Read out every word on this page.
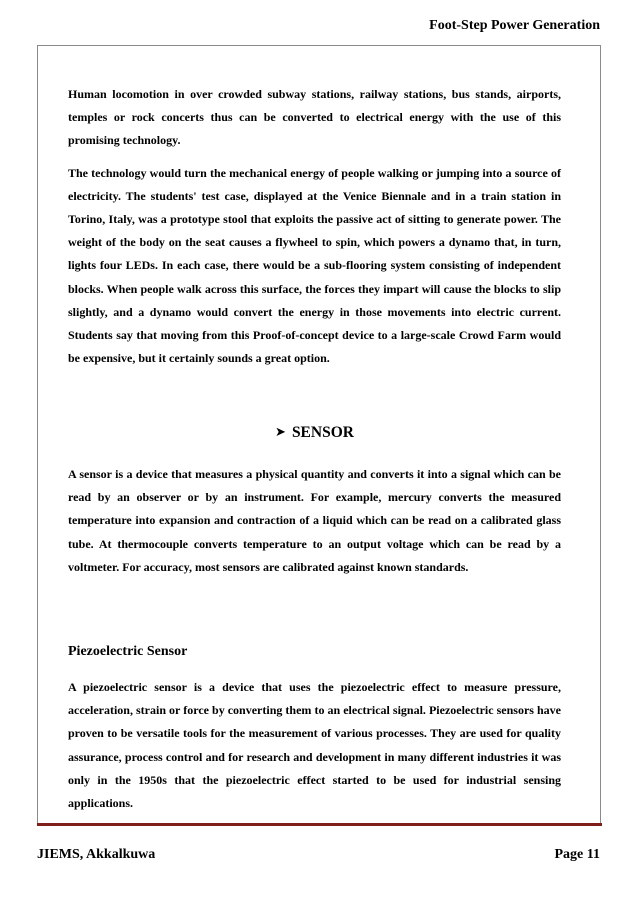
Foot-Step Power Generation

Human locomotion in over crowded subway stations, railway stations, bus stands, airports, temples or rock concerts thus can be converted to electrical energy with the use of this promising technology.

The technology would turn the mechanical energy of people walking or jumping into a source of electricity. The students' test case, displayed at the Venice Biennale and in a train station in Torino, Italy, was a prototype stool that exploits the passive act of sitting to generate power. The weight of the body on the seat causes a flywheel to spin, which powers a dynamo that, in turn, lights four LEDs. In each case, there would be a sub-flooring system consisting of independent blocks. When people walk across this surface, the forces they impart will cause the blocks to slip slightly, and a dynamo would convert the energy in those movements into electric current. Students say that moving from this Proof-of-concept device to a large-scale Crowd Farm would be expensive, but it certainly sounds a great option.

➤ SENSOR

A sensor is a device that measures a physical quantity and converts it into a signal which can be read by an observer or by an instrument. For example, mercury converts the measured temperature into expansion and contraction of a liquid which can be read on a calibrated glass tube. At thermocouple converts temperature to an output voltage which can be read by a voltmeter. For accuracy, most sensors are calibrated against known standards.

Piezoelectric Sensor

A piezoelectric sensor is a device that uses the piezoelectric effect to measure pressure, acceleration, strain or force by converting them to an electrical signal. Piezoelectric sensors have proven to be versatile tools for the measurement of various processes. They are used for quality assurance, process control and for research and development in many different industries it was only in the 1950s that the piezoelectric effect started to be used for industrial sensing applications.

JIEMS, Akkalkuwa	Page 11
